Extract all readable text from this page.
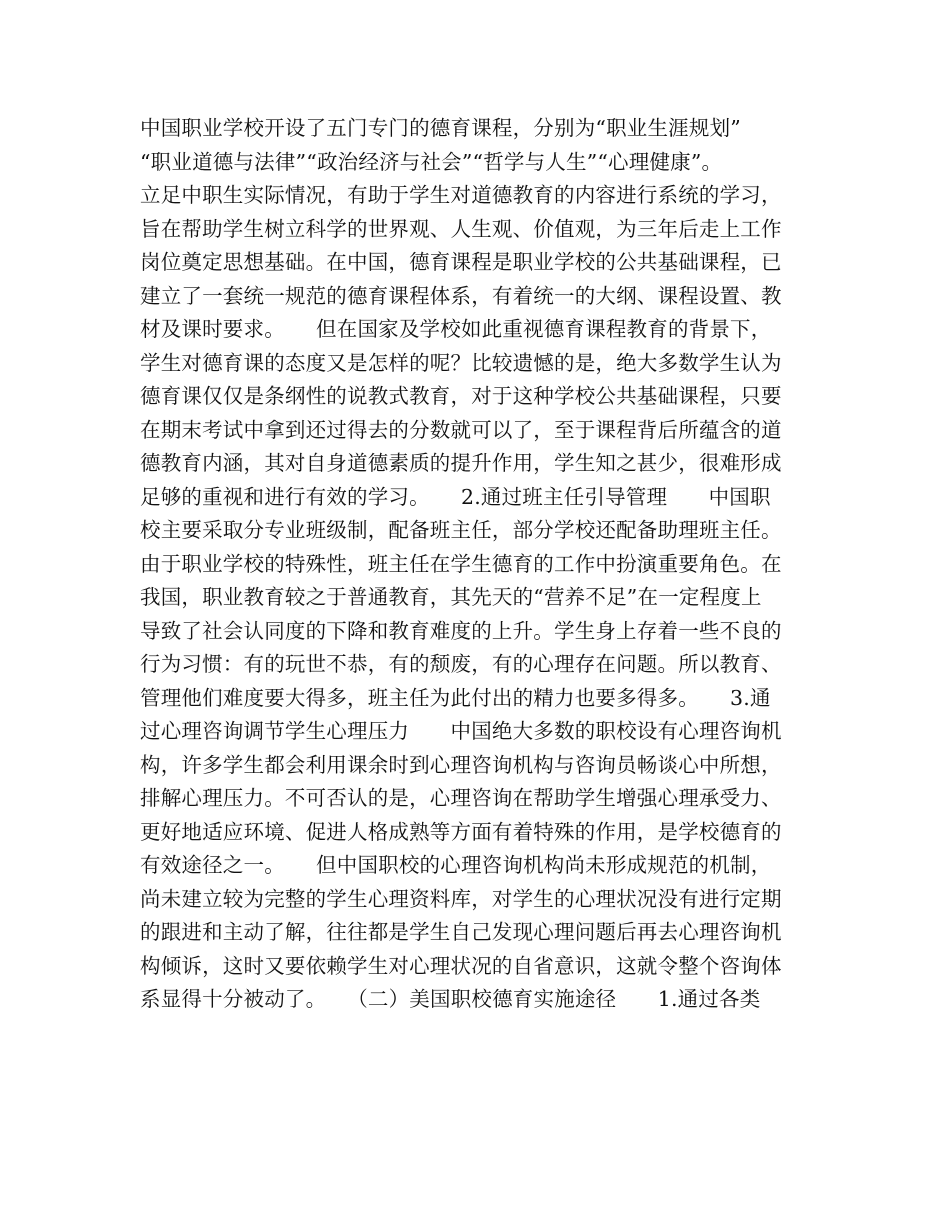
中国职业学校开设了五门专门的德育课程，分别为“职业生涯规划”
“职业道德与法律”“政治经济与社会”“哲学与人生”“心理健康”。
立足中职生实际情况，有助于学生对道德教育的内容进行系统的学习，
旨在帮助学生树立科学的世界观、人生观、价值观，为三年后走上工作
岗位奠定思想基础。在中国，德育课程是职业学校的公共基础课程，已
建立了一套统一规范的德育课程体系，有着统一的大纲、课程设置、教
材及课时要求。　　但在国家及学校如此重视德育课程教育的背景下，
学生对德育课的态度又是怎样的呢？比较遗憾的是，绝大多数学生认为
德育课仅仅是条纲性的说教式教育，对于这种学校公共基础课程，只要
在期末考试中拿到还过得去的分数就可以了，至于课程背后所蕴含的道
德教育内涵，其对自身道德素质的提升作用，学生知之甚少，很难形成
足够的重视和进行有效的学习。　　2.通过班主任引导管理　　中国职
校主要采取分专业班级制，配备班主任，部分学校还配备助理班主任。
由于职业学校的特殊性，班主任在学生德育的工作中扮演重要角色。在
我国，职业教育较之于普通教育，其先天的“营养不足”在一定程度上
导致了社会认同度的下降和教育难度的上升。学生身上存着一些不良的
行为习惯：有的玩世不恭，有的颓废，有的心理存在问题。所以教育、
管理他们难度要大得多，班主任为此付出的精力也要多得多。　　3.通
过心理咨询调节学生心理压力　　中国绝大多数的职校设有心理咨询机
构，许多学生都会利用课余时到心理咨询机构与咨询员畅谈心中所想，
排解心理压力。不可否认的是，心理咨询在帮助学生增强心理承受力、
更好地适应环境、促进人格成熟等方面有着特殊的作用，是学校德育的
有效途径之一。　　但中国职校的心理咨询机构尚未形成规范的机制，
尚未建立较为完整的学生心理资料库，对学生的心理状况没有进行定期
的跟进和主动了解，往往都是学生自己发现心理问题后再去心理咨询机
构倾诉，这时又要依赖学生对心理状况的自省意识，这就令整个咨询体
系显得十分被动了。　　（二）美国职校德育实施途径　　1.通过各类
